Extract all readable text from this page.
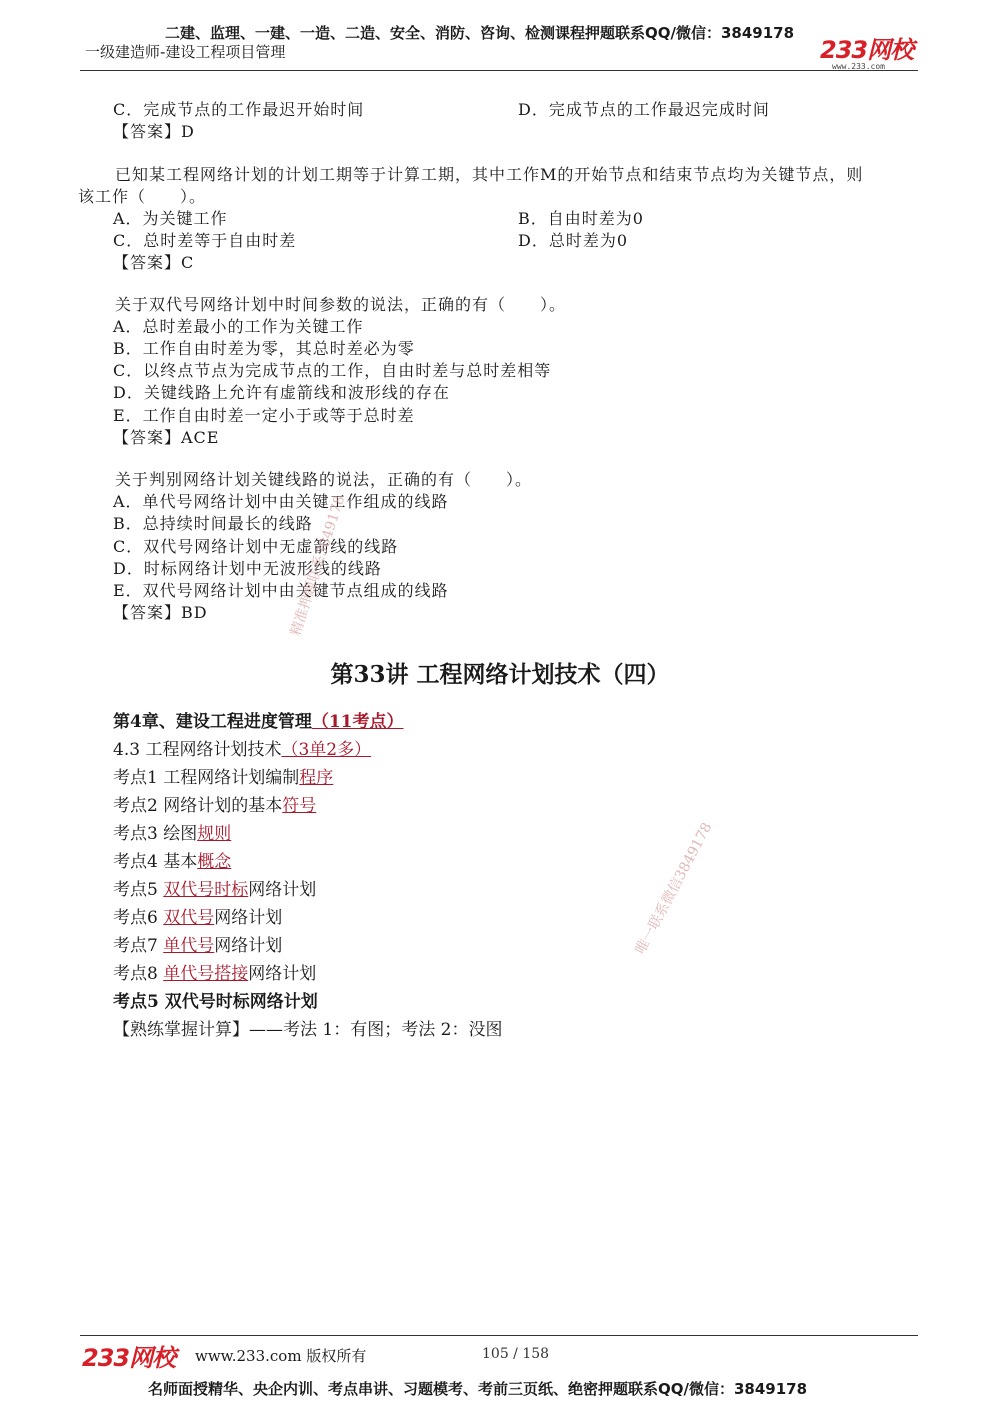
二建、监理、一建、一造、二造、安全、消防、咨询、检测课程押题联系QQ/微信：3849178
一级建造师-建设工程项目管理	233网校
www.233.com
C．完成节点的工作最迟开始时间	D．完成节点的工作最迟完成时间
【答案】D
已知某工程网络计划的计划工期等于计算工期，其中工作M的开始节点和结束节点均为关键节点，则
该工作（　　）。
A．为关键工作	B．自由时差为0
C．总时差等于自由时差	D．总时差为0
【答案】C
关于双代号网络计划中时间参数的说法，正确的有（　　）。
A．总时差最小的工作为关键工作
B．工作自由时差为零，其总时差必为零
C．以终点节点为完成节点的工作，自由时差与总时差相等
D．关键线路上允许有虚箭线和波形线的存在
E．工作自由时差一定小于或等于总时差
【答案】ACE
关于判别网络计划关键线路的说法，正确的有（　　）。
A．单代号网络计划中由关键工作组成的线路
B．总持续时间最长的线路
C．双代号网络计划中无虚箭线的线路
D．时标网络计划中无波形线的线路
E．双代号网络计划中由关键节点组成的线路
【答案】BD
第33讲 工程网络计划技术（四）
第4章、建设工程进度管理（11考点）
4.3 工程网络计划技术（3单2多）
考点1 工程网络计划编制程序
考点2 网络计划的基本符号
考点3 绘图规则
考点4 基本概念
考点5 双代号时标网络计划
考点6 双代号网络计划
考点7 单代号网络计划
考点8 单代号搭接网络计划
考点5 双代号时标网络计划
【熟练掌握计算】——考法 1：有图；考法 2：没图
精准押题联系3849178
唯一联系微信3849178
233网校 www.233.com 版权所有	105 / 158
名师面授精华、央企内训、考点串讲、习题模考、考前三页纸、绝密押题联系QQ/微信：3849178
